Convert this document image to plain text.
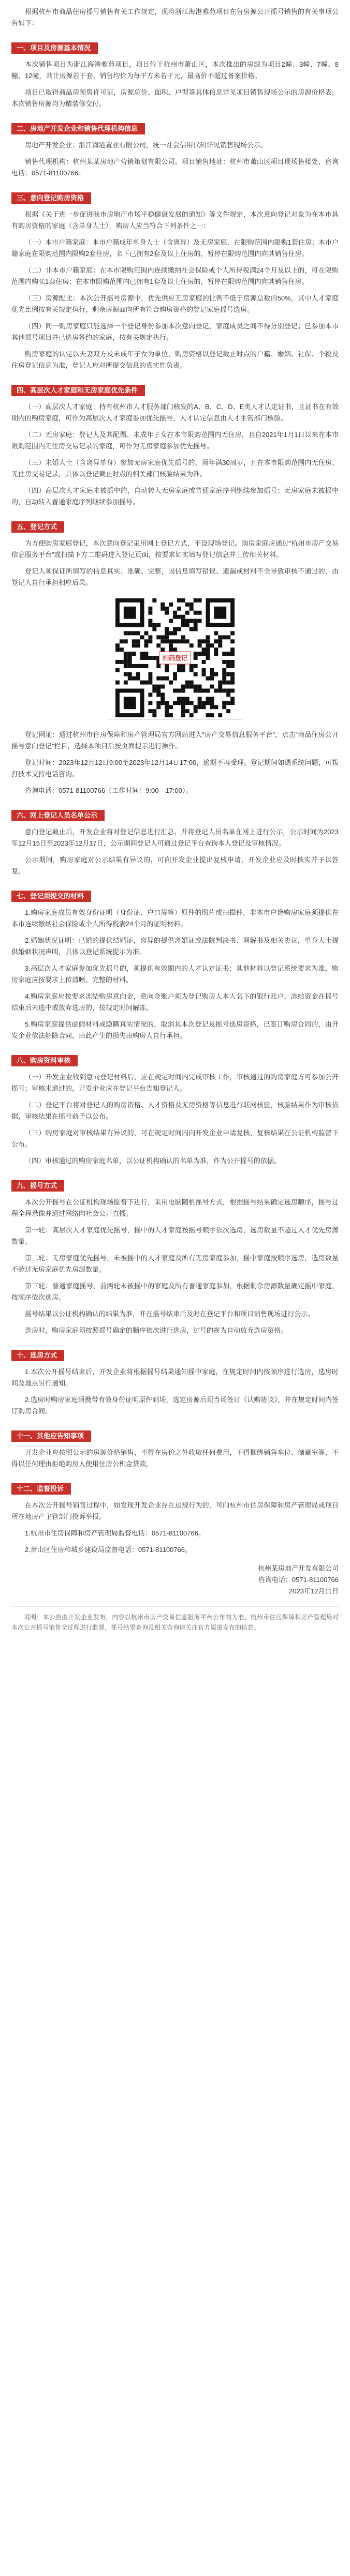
根据杭州市商品住房摇号销售有关工作规定，现将浙江海港雅苑项目在售房源公开摇号销售的有关事项公告如下：

一、项目及房源基本情况

本次销售项目为浙江海港雅苑项目，项目位于杭州市萧山区，本次推出的房源为项目2幢、3幢、7幢、8幢、12幢，共计房源若干套，销售均价为每平方米若干元，最高价不超过备案价格。

项目已取得商品房预售许可证，房源总价、面积、户型等具体信息详见项目销售现场公示的房源价格表，本次销售房源均为精装修交付。

二、房地产开发企业和销售代理机构信息

房地产开发企业：浙江海港置业有限公司，统一社会信用代码详见销售现场公示。

销售代理机构：杭州某某房地产营销策划有限公司。项目销售地址：杭州市萧山区项目现场售楼处，咨询电话：0571-81100766。

三、意向登记购房资格

根据《关于进一步促进我市房地产市场平稳健康发展的通知》等文件规定，本次意向登记对象为在本市具有购房资格的家庭（含单身人士），购房人应当符合下列条件之一：

（一）本市户籍家庭：本市户籍成年单身人士（含离异）及无房家庭，在限购范围内限购1套住房；本市户籍家庭在限购范围内限购2套住房，名下已拥有2套及以上住房的，暂停在限购范围内向其销售住房。

（二）非本市户籍家庭：在本市限购范围内连续缴纳社会保险或个人所得税满24个月及以上的，可在限购范围内购买1套住房；在本市限购范围内已拥有1套及以上住房的，暂停在限购范围内向其销售住房。

（三）房源配比：本次公开摇号房源中，优先供应无房家庭的比例不低于房源总数的50%，其中人才家庭优先比例按有关规定执行，剩余房源面向所有符合购房资格的登记家庭摇号选房。

（四）同一购房家庭只能选择一个登记身份参加本次意向登记，家庭成员之间不得分别登记；已参加本市其他摇号项目并已选房签约的家庭，按有关规定执行。

购房家庭的认定以夫妻双方及未成年子女为单位，购房资格以登记截止时点的户籍、婚姻、社保、个税及住房登记信息为准，登记人应对所提交信息的真实性负责。

四、高层次人才家庭和无房家庭优先条件

（一）高层次人才家庭：持有杭州市人才服务部门核发的A、B、C、D、E类人才认定证书，且证书在有效期内的购房家庭，可作为高层次人才家庭参加优先摇号，人才认定信息由人才主管部门核验。

（二）无房家庭：登记人及其配偶、未成年子女在本市限购范围内无住房，且自2021年1月1日以来在本市限购范围内无住房交易记录的家庭，可作为无房家庭参加优先摇号。

（三）未婚人士（含离异单身）参加无房家庭优先摇号的，须年满30周岁，且在本市限购范围内无住房、无住房交易记录，具体以登记截止时点的相关部门核验结果为准。

（四）高层次人才家庭未被摇中的，自动转入无房家庭或普通家庭序列继续参加摇号；无房家庭未被摇中的，自动转入普通家庭序列继续参加摇号。

五、登记方式

为方便购房家庭登记，本次意向登记采用网上登记方式，不设现场登记。购房家庭应通过“杭州市房产交易信息服务平台”或扫描下方二维码进入登记页面，按要求如实填写登记信息并上传相关材料。

登记人须保证所填写的信息真实、准确、完整，因信息填写错误、遗漏或材料不全导致审核不通过的，由登记人自行承担相应后果。

扫码登记

登记网址：通过杭州市住房保障和房产管理局官方网站进入“房产交易信息服务平台”，点击“商品住房公开摇号意向登记”栏目，选择本项目后按页面提示进行操作。

登记时间：2023年12月12日9:00至2023年12月14日17:00，逾期不再受理。登记期间如遇系统问题，可拨打技术支持电话咨询。

咨询电话：0571-81100766（工作时间：9:00—17:00）。

六、网上登记人员名单公示

意向登记截止后，开发企业将对登记信息进行汇总，并将登记人员名单在网上进行公示，公示时间为2023年12月15日至2023年12月17日，公示期间登记人可通过登记平台查询本人登记及审核情况。

公示期间，购房家庭对公示结果有异议的，可向开发企业提出复核申请，开发企业应及时核实并予以答复。

七、登记须提交的材料

1.购房家庭成员有效身份证明（身份证、户口簿等）原件的照片或扫描件，非本市户籍购房家庭须提供在本市连续缴纳社会保险或个人所得税满24个月的证明材料。

2.婚姻状况证明：已婚的提供结婚证，离异的提供离婚证或法院判决书、调解书及相关协议，单身人士提供婚姻状况声明，具体以登记系统提示为准。

3.高层次人才家庭参加优先摇号的，须提供有效期内的人才认定证书；其他材料以登记系统要求为准，购房家庭应按要求上传清晰、完整的材料。

4.购房家庭应按要求冻结购房意向金，意向金账户须为登记购房人本人名下的银行账户，冻结资金在摇号结束后未选中或放弃选房的，按规定时间解冻。

5.购房家庭提供虚假材料或隐瞒真实情况的，取消其本次登记及摇号选房资格，已签订购房合同的，由开发企业依法解除合同，由此产生的损失由购房人自行承担。

八、购房资料审核

（一）开发企业收到意向登记材料后，应在规定时间内完成审核工作，审核通过的购房家庭方可参加公开摇号；审核未通过的，开发企业应在登记平台告知登记人。

（二）登记平台将对登记人的购房资格、人才资格及无房资格等信息进行联网核验，核验结果作为审核依据，审核结果在摇号前予以公布。

（三）购房家庭对审核结果有异议的，可在规定时间内向开发企业申请复核，复核结果在公证机构监督下公布。

（四）审核通过的购房家庭名单，以公证机构确认的名单为准，作为公开摇号的依据。

九、摇号方式

本次公开摇号在公证机构现场监督下进行，采用电脑随机摇号方式，根据摇号结果确定选房顺序，摇号过程全程录像并通过网络向社会公开直播。

第一轮：高层次人才家庭优先摇号，摇中的人才家庭按摇号顺序依次选房，选房数量不超过人才优先房源数量。

第二轮：无房家庭优先摇号，未被摇中的人才家庭及所有无房家庭参加，摇中家庭按顺序选房，选房数量不超过无房家庭优先房源数量。

第三轮：普通家庭摇号，前两轮未被摇中的家庭及所有普通家庭参加，根据剩余房源数量确定摇中家庭，按顺序依次选房。

摇号结果以公证机构确认的结果为准，并在摇号结束后及时在登记平台和项目销售现场进行公示。

选房时，购房家庭须按照摇号确定的顺序依次进行选房，过号的视为自动放弃选房资格。

十、选房方式

1.本次公开摇号结束后，开发企业将根据摇号结果通知摇中家庭，在规定时间内按顺序进行选房，选房时间及地点另行通知。

2.选房时购房家庭须携带有效身份证明原件到场，选定房源后须当场签订《认购协议》，并在规定时间内签订购房合同。

十一、其他应告知事项

开发企业应按照公示的房源价格销售，不得在房价之外收取任何费用，不得捆绑销售车位、储藏室等，不得以任何理由拒绝购房人使用住房公积金贷款。

十二、监督投诉

在本次公开摇号销售过程中，如发现开发企业存在违规行为的，可向杭州市住房保障和房产管理局或项目所在地房产主管部门投诉举报。

1.杭州市住房保障和房产管理局监督电话：0571-81100766。

2.萧山区住房和城乡建设局监督电话：0571-81100766。

杭州某房地产开发有限公司

咨询电话：0571-81100766

2023年12月11日

说明：本公告由开发企业发布，内容以杭州市房产交易信息服务平台公布的为准。杭州市住房保障和房产管理局对本次公开摇号销售全过程进行监督，摇号结果查询及相关咨询请关注官方渠道发布的信息。
